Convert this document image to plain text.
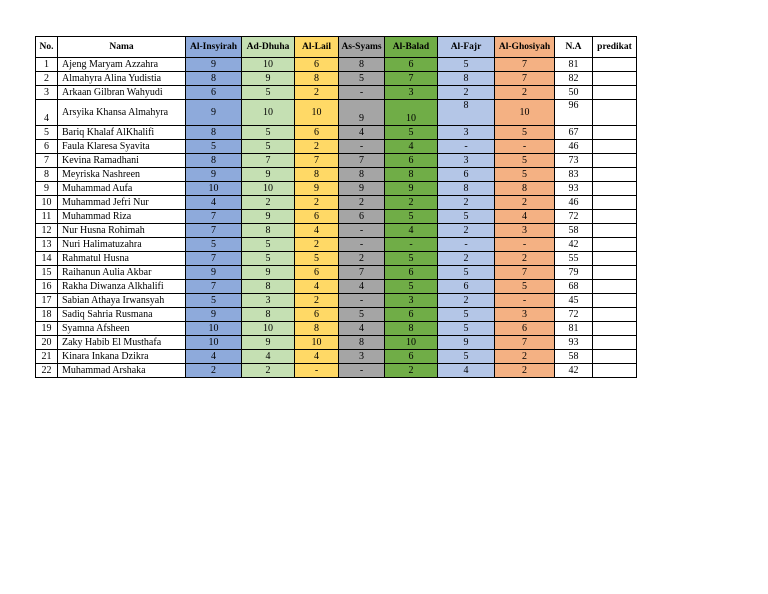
No.	Nama	Al-Insyirah	Ad-Dhuha	Al-Lail	As-Syams	Al-Balad	Al-Fajr	Al-Ghosiyah	N.A	predikat
1	Ajeng Maryam Azzahra	9	10	6	8	6	5	7	81	
2	Almahyra Alina Yudistia	8	9	8	5	7	8	7	82	
3	Arkaan Gilbran Wahyudi	6	5	2	-	3	2	2	50	
4	Arsyika Khansa Almahyra	9	10	10	9	10	8	10	96	
5	Bariq Khalaf AlKhalifi	8	5	6	4	5	3	5	67	
6	Faula Klaresa Syavita	5	5	2	-	4	-	-	46	
7	Kevina Ramadhani	8	7	7	7	6	3	5	73	
8	Meyriska Nashreen	9	9	8	8	8	6	5	83	
9	Muhammad Aufa	10	10	9	9	9	8	8	93	
10	Muhammad Jefri Nur	4	2	2	2	2	2	2	46	
11	Muhammad Riza	7	9	6	6	5	5	4	72	
12	Nur Husna Rohimah	7	8	4	-	4	2	3	58	
13	Nuri Halimatuzahra	5	5	2	-	-	-	-	42	
14	Rahmatul Husna	7	5	5	2	5	2	2	55	
15	Raihanun Aulia Akbar	9	9	6	7	6	5	7	79	
16	Rakha Diwanza Alkhalifi	7	8	4	4	5	6	5	68	
17	Sabian Athaya Irwansyah	5	3	2	-	3	2	-	45	
18	Sadiq Sahria Rusmana	9	8	6	5	6	5	3	72	
19	Syamna Afsheen	10	10	8	4	8	5	6	81	
20	Zaky Habib El Musthafa	10	9	10	8	10	9	7	93	
21	Kinara Inkana Dzikra	4	4	4	3	6	5	2	58	
22	Muhammad Arshaka	2	2	-	-	2	4	2	42	
